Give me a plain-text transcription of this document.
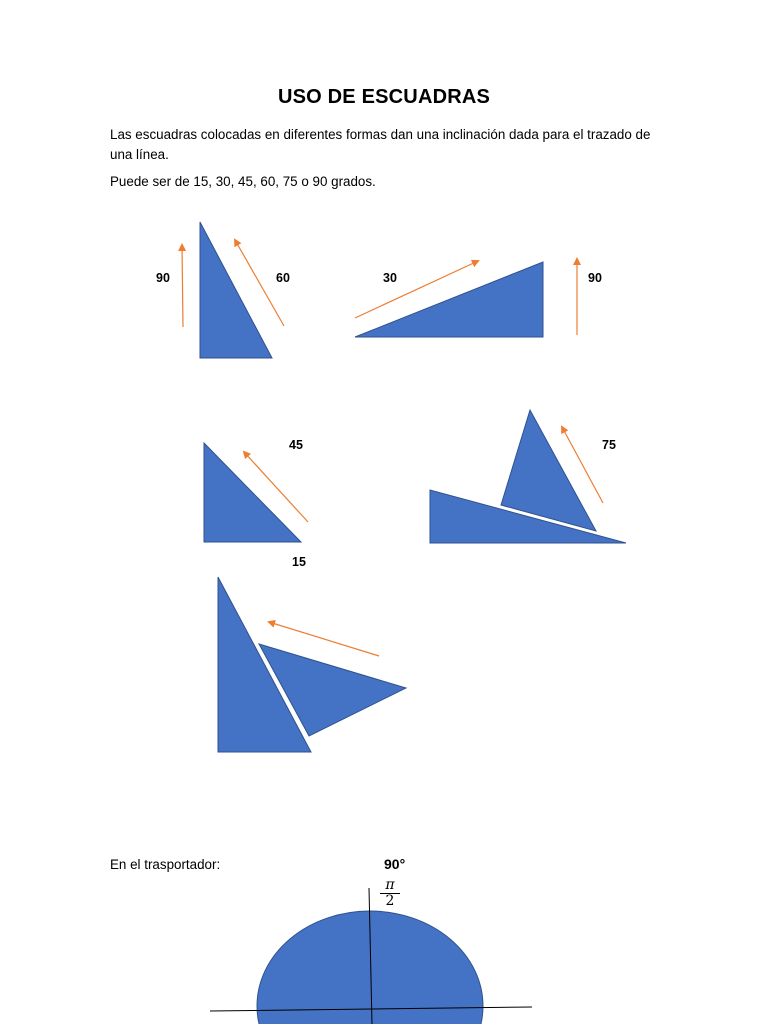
USO DE ESCUADRAS
Las escuadras colocadas en diferentes formas dan una inclinación dada para el trazado de una línea.
Puede ser de 15, 30, 45, 60, 75 o 90 grados.
90	60	30	90
45	75
15
En el trasportador:	90°
$\frac{\pi}{2}$
